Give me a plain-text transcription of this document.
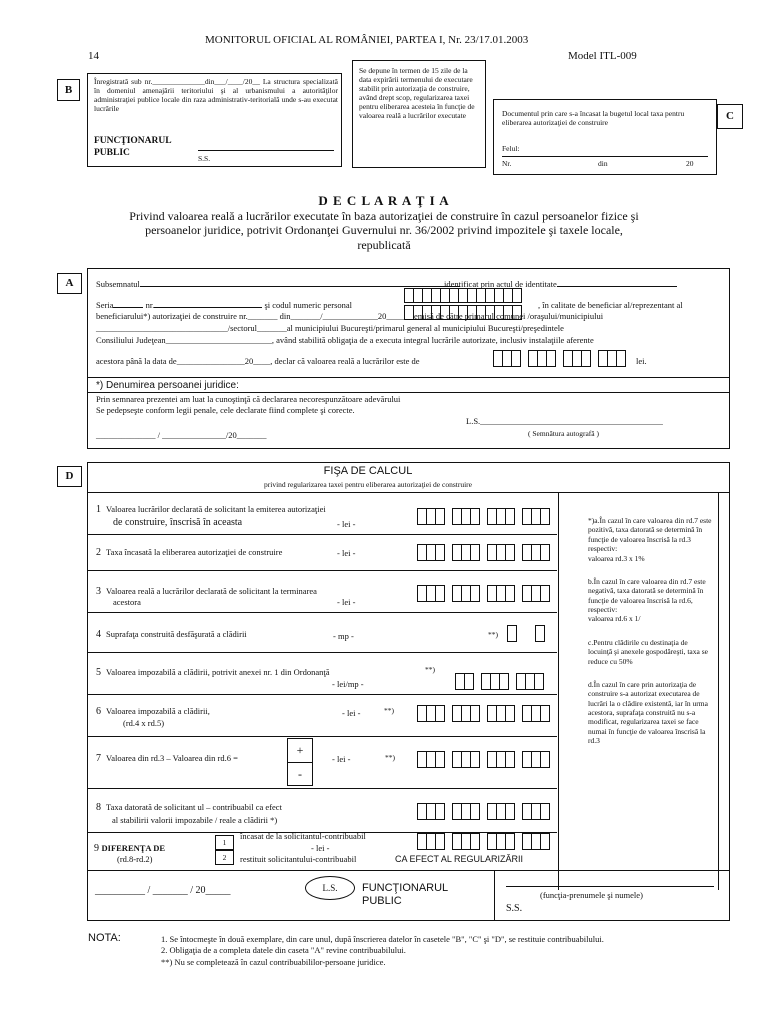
MONITORUL OFICIAL AL ROMÂNIEI, PARTEA I, Nr. 23/17.01.2003
14	Model ITL-009
B
Înregistrată sub nr.______________din___/____/20__ La structura specializată în domeniul amenajării teritoriului şi al urbanismului a autorităţilor administraţiei publice locale din raza administrativ-teritorială unde s-au executat lucrările
FUNCŢIONARUL PUBLIC
S.S.
Se depune în termen de 15 zile de la data expirării termenului de executare stabilit prin autorizaţia de construire, având drept scop, regularizarea taxei pentru eliberarea acesteia în funcţie de valoarea reală a lucrărilor executate	Documentul prin care s-a încasat la bugetul local taxa pentru eliberarea autorizaţiei de construire
Felul:
Nr.	din	20
C
D E C L A R A Ţ I A
Privind valoarea reală a lucrărilor executate în baza autorizaţiei de construire în cazul persoanelor fizice şi persoanelor juridice, potrivit Ordonanţei Guvernului nr. 36/2002 privind impozitele şi taxele locale, republicată
A	Subsemnatul	identificat prin actul de identitate
Seria	nr.	şi codul numeric personal	, în calitate de beneficiar al/reprezentant al
beneficiarului*) autorizaţiei de construire nr._______ din_______/_____________20______ emisă de către primarul comunei /oraşului/municipiului
_______________________________/sectorul_______al municipiului Bucureşti/primarul general al municipiului Bucureşti/preşedintele
Consiliului Judeţean_________________________, având stabilită obligaţia de a executa integral lucrările autorizate, inclusiv instalaţiile aferente
acestora până la data de________________20____, declar că valoarea reală a lucrărilor este de	lei.
*) Denumirea persoanei juridice:
Prin semnarea prezentei am luat la cunoştinţă că declararea necorespunzătoare adevărului
Se pedepseşte conform legii penale, cele declarate fiind complete şi corecte.
______________ / _______________/20_______
L.S.___________________________________________
( Semnătura autografă )
D	FIŞA DE CALCUL
privind regularizarea taxei pentru eliberarea autorizaţiei de construire
1 Valoarea lucrărilor declarată de solicitant la emiterea autorizaţiei
de construire, înscrisă în aceasta	- lei -
2 Taxa încasată la eliberarea autorizaţiei de construire	- lei -
3 Valoarea reală a lucrărilor declarată de solicitant la terminarea
acestora	- lei -
4 Suprafaţa construită desfăşurată a clădirii	- mp -	**)
5 Valoarea impozabilă a clădirii, potrivit anexei nr. 1 din Ordonanţă
- lei/mp -
**)
6 Valoarea impozabilă a clădirii,
(rd.4 x rd.5)
- lei -	**)
7 Valoarea din rd.3 – Valoarea din rd.6 =
+
-
- lei -	**)
8 Taxa datorată de solicitant ul – contribuabil ca efect
al stabilirii valorii impozabile / reale a clădirii *)
9 DIFERENŢA DE
(rd.8-rd.2)
1
2
încasat de la solicitantul-contribuabil
- lei -
restituit solicitantului-contribuabil	CA EFECT AL REGULARIZĂRII
*)a.În cazul în care valoarea din rd.7 este pozitivă, taxa datorată se determină în funcţie de valoarea înscrisă la rd.3 respectiv:
valoarea rd.3 x 1%
b.În cazul în care valoarea din rd.7 este negativă, taxa datorată se determină în funcţie de valoarea înscrisă la rd.6, respectiv:
valoarea rd.6 x 1/
c.Pentru clădirile cu destinaţia de locuinţă şi anexele gospodăreşti, taxa se reduce cu 50%
d.În cazul în care prin autorizaţia de construire s-a autorizat executarea de lucrări la o clădire existentă, iar în urma acestora, suprafaţa construită nu s-a modificat, regularizarea taxei se face numai în funcţie de valoarea înscrisă la rd.3
__________ / _______ / 20_____	L.S.	FUNCŢIONARUL PUBLIC	(funcţia-prenumele şi numele)
S.S.
NOTA:	1. Se întocmeşte în două exemplare, din care unul, după înscrierea datelor în casetele "B", "C" şi "D", se restituie contribuabilului.
2. Obligaţia de a completa datele din caseta "A" revine contribuabilului.
**) Nu se completează în cazul contribuabililor-persoane juridice.
